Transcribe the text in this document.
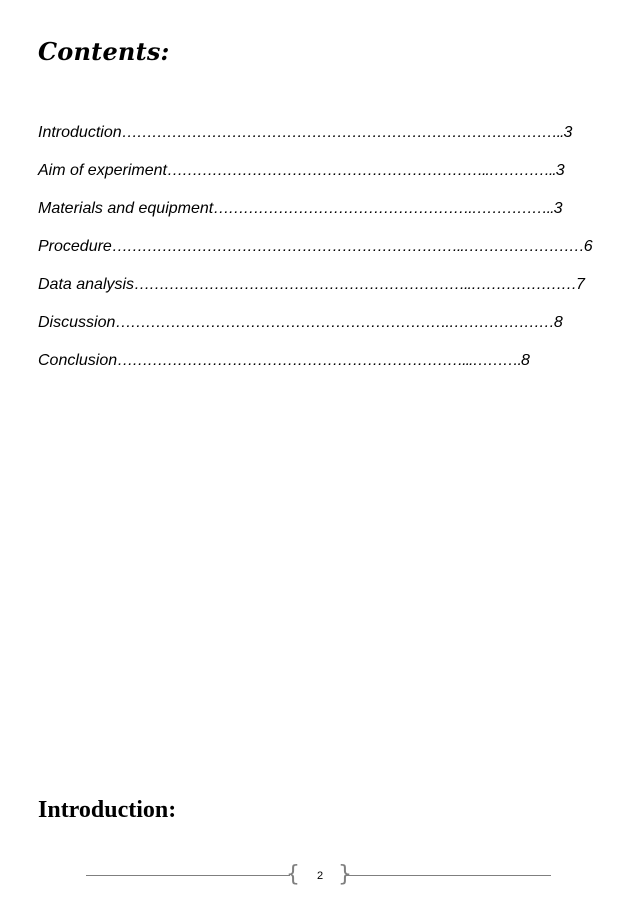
Contents:
Introduction …………………………………………………………………………….. 3
Aim of experiment ………………………………………………………..………….. 3
Materials and equipment …………………………………………….…………….. 3
Procedure ……………………………………………………………..…………………… 6
Data analysis …………………………………………………………..………………… 7
Discussion ………………………………………………………….………………… 8
Conclusion ……………………………………………………………...………. 8
Introduction:
{	2 }
